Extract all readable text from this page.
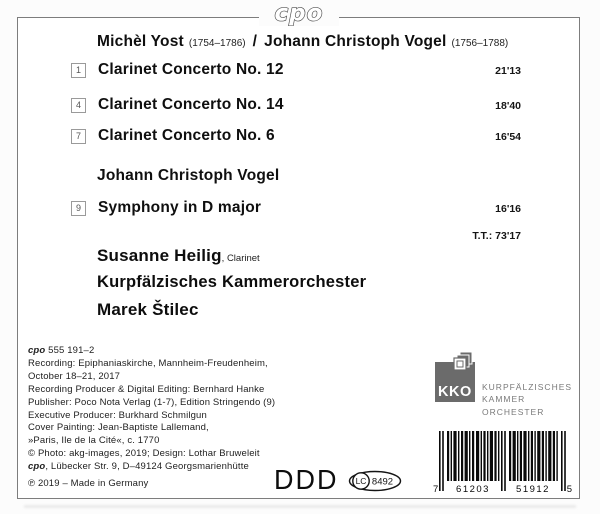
cpo
Michèl Yost (1754–1786) / Johann Christoph Vogel (1756–1788)
1	Clarinet Concerto No. 12	21'13
4	Clarinet Concerto No. 14	18'40
7	Clarinet Concerto No. 6	16'54
Johann Christoph Vogel
9	Symphony in D major	16'16
T.T.: 73'17
Susanne Heilig, Clarinet
Kurpfälzisches Kammerorchester
Marek Štilec
cpo 555 191–2
Recording: Epiphaniaskirche, Mannheim-Freudenheim,
October 18–21, 2017
Recording Producer & Digital Editing: Bernhard Hanke
Publisher: Poco Nota Verlag (1-7), Edition Stringendo (9)
Executive Producer: Burkhard Schmilgun
Cover Painting: Jean-Baptiste Lallemand,
»Paris, Ile de la Cité«, c. 1770
© Photo: akg-images, 2019; Design: Lothar Bruweleit
cpo, Lübecker Str. 9, D–49124 Georgsmarienhütte
℗ 2019 – Made in Germany
KKO KURPFÄLZISCHES
KAMMER
ORCHESTER
DDD LC 8492
7 61203	51912 5
